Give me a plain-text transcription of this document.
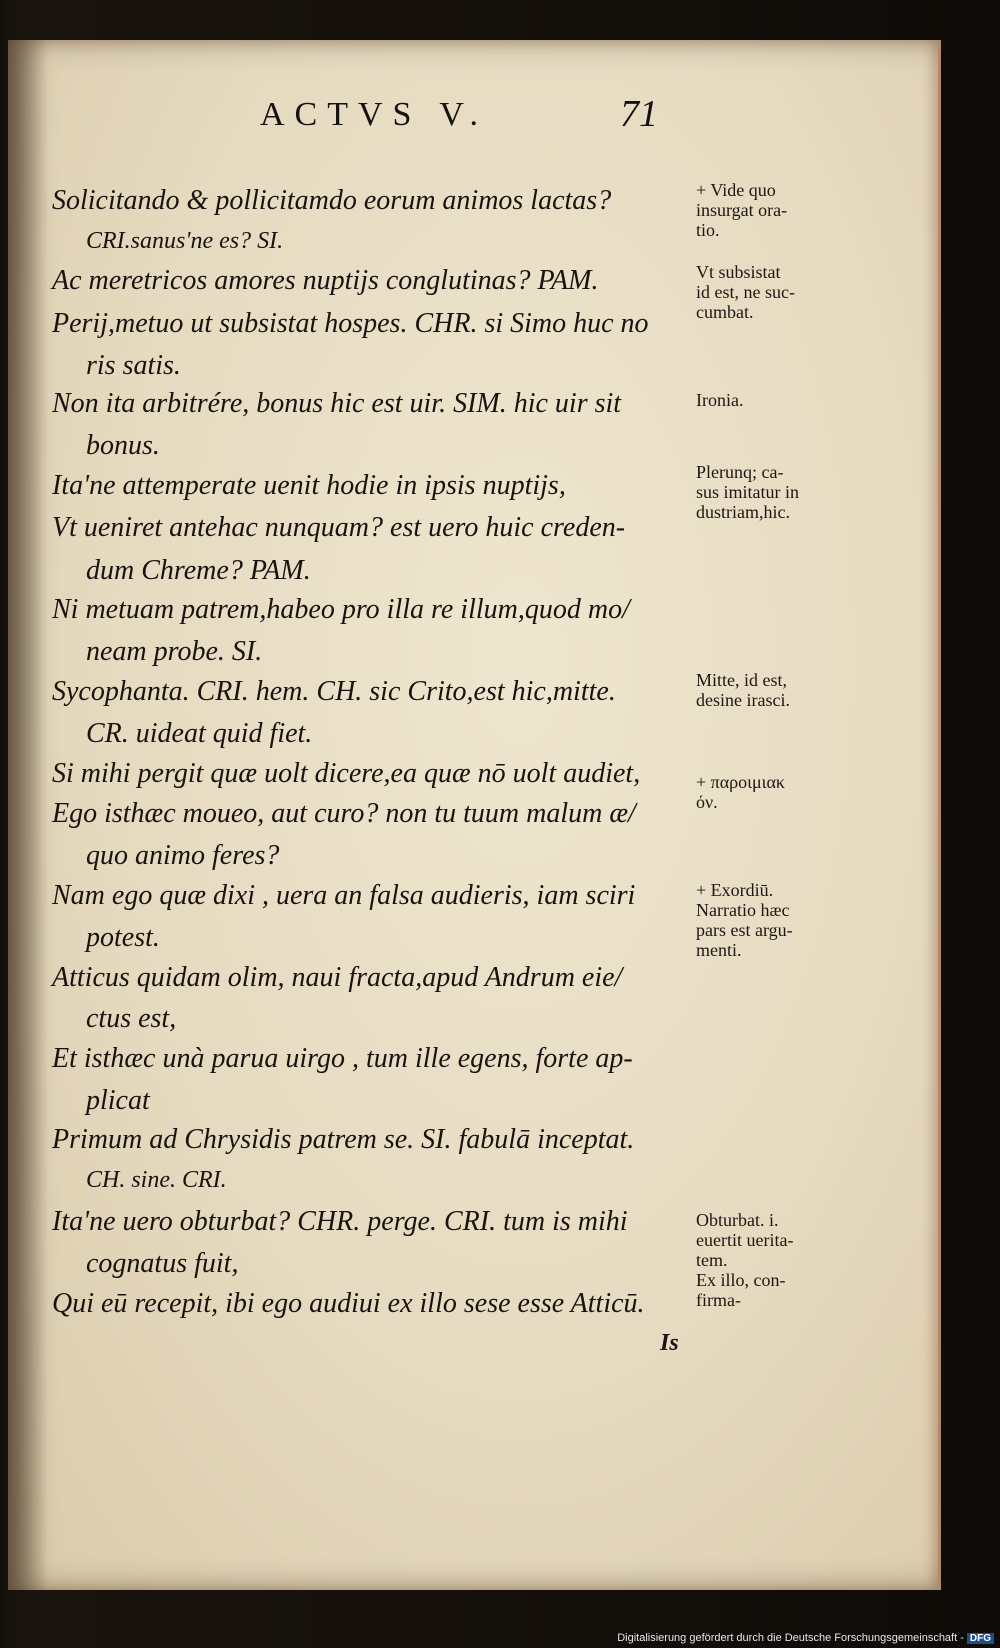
ACTVS V.	71
Solicitando & pollicitamdo eorum animos lactas?
CRI.sanus'ne es? SI.
Ac meretricos amores nuptijs conglutinas? PAM.
Perij,metuo ut subsistat hospes. CHR. si Simo huc no
ris satis.
Non ita arbitrére, bonus hic est uir. SIM. hic uir sit
bonus.
Ita'ne attemperate uenit hodie in ipsis nuptijs,
Vt ueniret antehac nunquam? est uero huic creden-
dum Chreme? PAM.
Ni metuam patrem,habeo pro illa re illum,quod mo/
neam probe. SI.
Sycophanta. CRI. hem. CH. sic Crito,est hic,mitte.
CR. uideat quid fiet.
Si mihi pergit quæ uolt dicere,ea quæ nō uolt audiet,
Ego isthæc moueo, aut curo? non tu tuum malum æ/
quo animo feres?
Nam ego quæ dixi , uera an falsa audieris, iam sciri
potest.
Atticus quidam olim, naui fracta,apud Andrum eie/
ctus est,
Et isthæc unà parua uirgo , tum ille egens, forte ap-
plicat
Primum ad Chrysidis patrem se. SI. fabulā inceptat.
CH. sine. CRI.
Ita'ne uero obturbat? CHR. perge. CRI. tum is mihi
cognatus fuit,
Qui eū recepit, ibi ego audiui ex illo sese esse Atticū.
+ Vide quo
insurgat ora-
tio.
Vt subsistat
id est, ne suc-
cumbat.
Ironia.
Plerunq; ca-
sus imitatur in
dustriam,hic.
Mitte, id est,
desine irasci.
+ παροιμιακ
όν.
+ Exordiū.
Narratio hæc
pars est argu-
menti.
Obturbat. i.
euertit uerita-
tem.
Ex illo, con-
firma-
Is
Digitalisierung gefördert durch die Deutsche Forschungsgemeinschaft - DFG
